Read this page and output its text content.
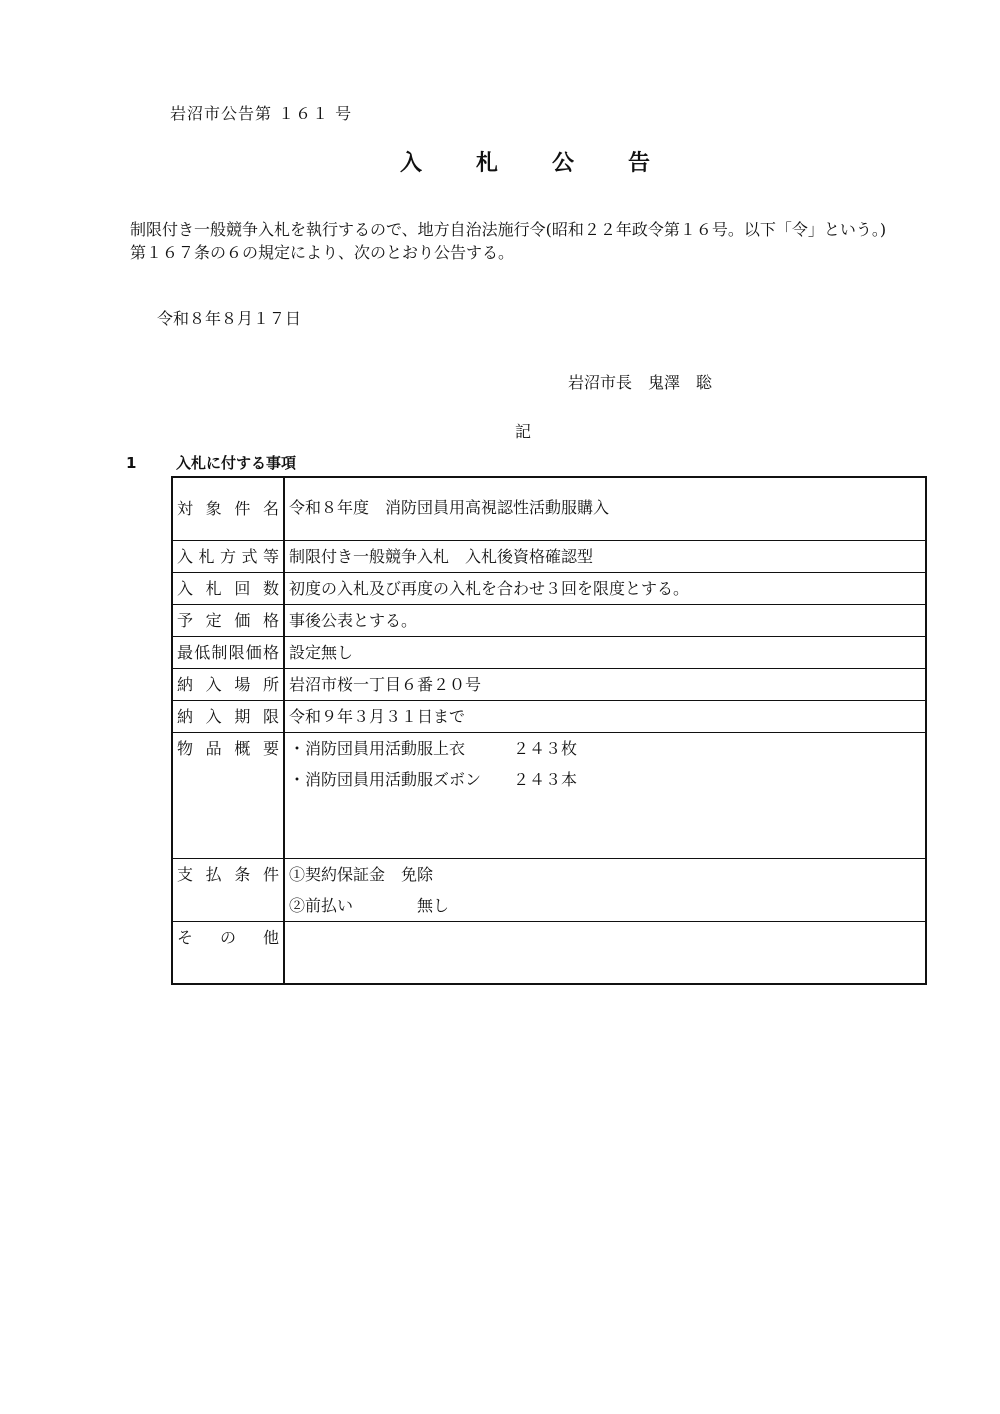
岩沼市公告第 １６１ 号
入 札 公 告
制限付き一般競争入札を執行するので、地方自治法施行令(昭和２２年政令第１６号。以下「令」という。)第１６７条の６の規定により、次のとおり公告する。
令和８年８月１７日
岩沼市長　鬼澤　聡
記
1	入札に付する事項
対象件名	令和８年度　消防団員用高視認性活動服購入

入札方式等	制限付き一般競争入札　入札後資格確認型

入札回数	初度の入札及び再度の入札を合わせ３回を限度とする。

予定価格	事後公表とする。

最低制限価格	設定無し

納入場所	岩沼市桜一丁目６番２０号

納入期限	令和９年３月３１日まで

物品概要	・消防団員用活動服上衣　　　２４３枚
・消防団員用活動服ズボン　　２４３本

支払条件	①契約保証金　免除
②前払い　　　　無し

その他	
